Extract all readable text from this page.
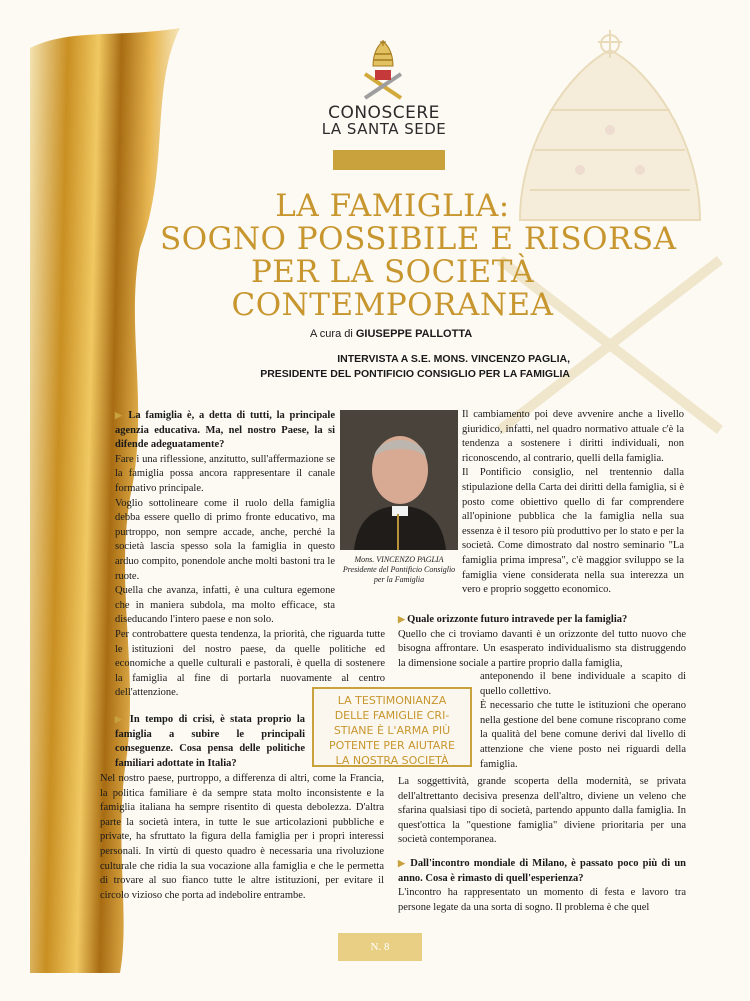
CONOSCERE
LA SANTA SEDE
LA FAMIGLIA:
SOGNO POSSIBILE E RISORSA
PER LA SOCIETÀ
CONTEMPORANEA
A cura di GIUSEPPE PALLOTTA
INTERVISTA A S.E. MONS. VINCENZO PAGLIA,
PRESIDENTE DEL PONTIFICIO CONSIGLIO PER LA FAMIGLIA

▶ La famiglia è, a detta di tutti, la principale agenzia educativa. Ma, nel nostro Paese, la si difende adeguatamente?

Fare i una riflessione, anzitutto, sull'affermazione se la famiglia possa ancora rappresentare il canale formativo principale.

Voglio sottolineare come il ruolo della famiglia debba essere quello di primo fronte educativo, ma purtroppo, non sempre accade, anche, perché la società lascia spesso sola la famiglia in questo arduo compito, ponendole anche molti bastoni tra le ruote.

Quella che avanza, infatti, è una cultura egemone che in maniera subdola, ma molto efficace, sta diseducando l'intero paese e non solo.

Per controbattere questa tendenza, la priorità, che riguarda tutte le istituzioni del nostro paese, da quelle politiche ed economiche a quelle culturali e pastorali, è quella di sostenere la famiglia al fine di portarla nuovamente al centro dell'attenzione.

▶ In tempo di crisi, è stata proprio la famiglia a subire le principali conseguenze. Cosa pensa delle politiche familiari adottate in Italia?

Nel nostro paese, purtroppo, a differenza di altri, come la Francia, la politica familiare è da sempre stata molto inconsistente e la famiglia italiana ha sempre risentito di questa debolezza. D'altra parte la società intera, in tutte le sue articolazioni pubbliche e private, ha sfruttato la figura della famiglia per i propri interessi personali. In virtù di questo quadro è necessaria una rivoluzione culturale che ridia la sua vocazione alla famiglia e che le permetta di trovare al suo fianco tutte le altre istituzioni, per evitare il circolo vizioso che porta ad indebolire entrambe.

Mons. VINCENZO PAGLIA
Presidente del Pontificio Consiglio
per la Famiglia

Il cambiamento poi deve avvenire anche a livello giuridico, infatti, nel quadro normativo attuale c'è la tendenza a sostenere i diritti individuali, non riconoscendo, al contrario, quelli della famiglia.

Il Pontificio consiglio, nel trentennio dalla stipulazione della Carta dei diritti della famiglia, si è posto come obiettivo quello di far comprendere all'opinione pubblica che la famiglia nella sua essenza è il tesoro più produttivo per lo stato e per la società. Come dimostrato dal nostro seminario "La famiglia prima impresa", c'è maggior sviluppo se la famiglia viene considerata nella sua interezza un vero e proprio soggetto economico.

▶ Quale orizzonte futuro intravede per la famiglia?

Quello che ci troviamo davanti è un orizzonte del tutto nuovo che bisogna affrontare. Un esasperato individualismo sta distruggendo la dimensione sociale a partire proprio dalla famiglia,

anteponendo il bene individuale a scapito di quello collettivo.

È necessario che tutte le istituzioni che operano nella gestione del bene comune riscoprano come la qualità del bene comune derivi dal livello di attenzione che viene posto nei riguardi della famiglia.

La soggettività, grande scoperta della modernità, se privata dell'altrettanto decisiva presenza dell'altro, diviene un veleno che sfarina qualsiasi tipo di società, partendo appunto dalla famiglia. In quest'ottica la "questione famiglia" diviene prioritaria per una società contemporanea.

▶ Dall'incontro mondiale di Milano, è passato poco più di un anno. Cosa è rimasto di quell'esperienza?

L'incontro ha rappresentato un momento di festa e lavoro tra persone legate da una sorta di sogno. Il problema è che quel

LA TESTIMONIANZA
DELLE FAMIGLIE CRI-
STIANE È L'ARMA PIÙ
POTENTE PER AIUTARE
LA NOSTRA SOCIETÀ
N. 8
